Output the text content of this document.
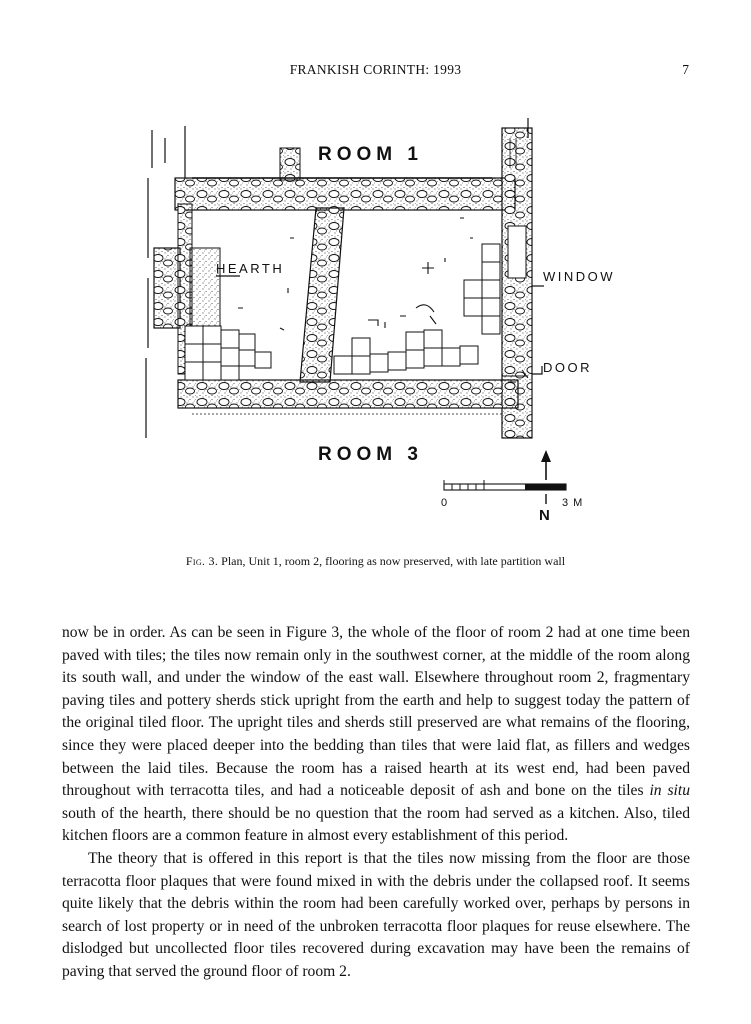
FRANKISH CORINTH: 1993	7
ROOM 1
ROOM 3
HEARTH
WINDOW
DOOR
N
0	3 M
Fig. 3. Plan, Unit 1, room 2, flooring as now preserved, with late partition wall

now be in order. As can be seen in Figure 3, the whole of the floor of room 2 had at one time been paved with tiles; the tiles now remain only in the southwest corner, at the middle of the room along its south wall, and under the window of the east wall. Elsewhere throughout room 2, fragmentary paving tiles and pottery sherds stick upright from the earth and help to suggest today the pattern of the original tiled floor. The upright tiles and sherds still preserved are what remains of the flooring, since they were placed deeper into the bedding than tiles that were laid flat, as fillers and wedges between the laid tiles. Because the room has a raised hearth at its west end, had been paved throughout with terracotta tiles, and had a noticeable deposit of ash and bone on the tiles in situ south of the hearth, there should be no question that the room had served as a kitchen. Also, tiled kitchen floors are a common feature in almost every establishment of this period.

The theory that is offered in this report is that the tiles now missing from the floor are those terracotta floor plaques that were found mixed in with the debris under the collapsed roof. It seems quite likely that the debris within the room had been carefully worked over, perhaps by persons in search of lost property or in need of the unbroken terracotta floor plaques for reuse elsewhere. The dislodged but uncollected floor tiles recovered during excavation may have been the remains of paving that served the ground floor of room 2.
